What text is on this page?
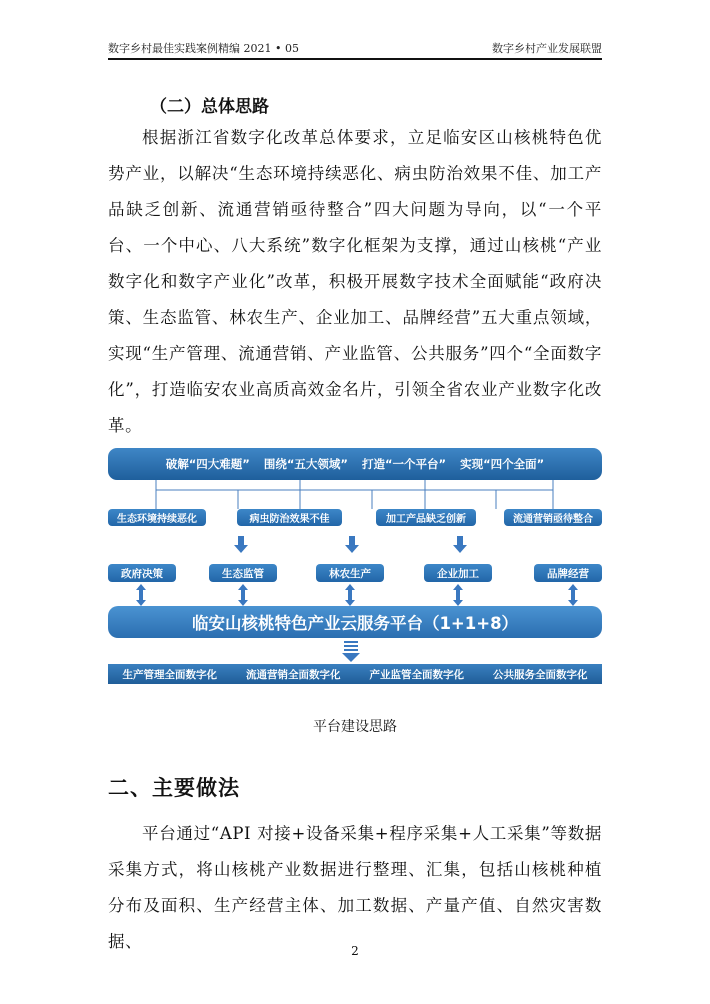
数字乡村最佳实践案例精编 2021 • 05	数字乡村产业发展联盟
（二）总体思路
根据浙江省数字化改革总体要求，立足临安区山核桃特色优势产业，以解决“生态环境持续恶化、病虫防治效果不佳、加工产品缺乏创新、流通营销亟待整合”四大问题为导向，以“一个平台、一个中心、八大系统”数字化框架为支撑，通过山核桃“产业数字化和数字产业化”改革，积极开展数字技术全面赋能“政府决策、生态监管、林农生产、企业加工、品牌经营”五大重点领域，实现“生产管理、流通营销、产业监管、公共服务”四个“全面数字化”，打造临安农业高质高效金名片，引领全省农业产业数字化改革。
破解“四大难题” 围绕“五大领域” 打造“一个平台” 实现“四个全面”
生态环境持续恶化	病虫防治效果不佳	加工产品缺乏创新	流通营销亟待整合
政府决策	生态监管	林农生产	企业加工	品牌经营
临安山核桃特色产业云服务平台（1+1+8）
生产管理全面数字化	流通营销全面数字化	产业监管全面数字化	公共服务全面数字化
平台建设思路
二、主要做法
平台通过“API 对接+设备采集+程序采集+人工采集”等数据采集方式，将山核桃产业数据进行整理、汇集，包括山核桃种植分布及面积、生产经营主体、加工数据、产量产值、自然灾害数据、	2
